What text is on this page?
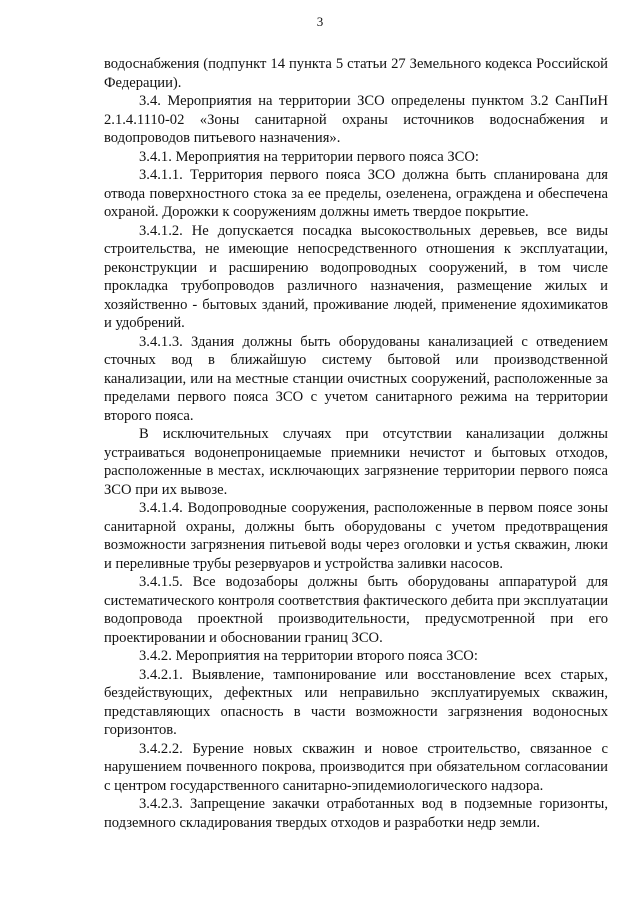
3

водоснабжения (подпункт 14 пункта 5 статьи 27 Земельного кодекса Российской Федерации).

3.4. Мероприятия на территории ЗСО определены пунктом 3.2 СанПиН 2.1.4.1110-02 «Зоны санитарной охраны источников водоснабжения и водопроводов питьевого назначения».

3.4.1. Мероприятия на территории первого пояса ЗСО:

3.4.1.1. Территория первого пояса ЗСО должна быть спланирована для отвода поверхностного стока за ее пределы, озеленена, ограждена и обеспечена охраной. Дорожки к сооружениям должны иметь твердое покрытие.

3.4.1.2. Не допускается посадка высокоствольных деревьев, все виды строительства, не имеющие непосредственного отношения к эксплуатации, реконструкции и расширению водопроводных сооружений, в том числе прокладка трубопроводов различного назначения, размещение жилых и хозяйственно - бытовых зданий, проживание людей, применение ядохимикатов и удобрений.

3.4.1.3. Здания должны быть оборудованы канализацией с отведением сточных вод в ближайшую систему бытовой или производственной канализации, или на местные станции очистных сооружений, расположенные за пределами первого пояса ЗСО с учетом санитарного режима на территории второго пояса.

В исключительных случаях при отсутствии канализации должны устраиваться водонепроницаемые приемники нечистот и бытовых отходов, расположенные в местах, исключающих загрязнение территории первого пояса ЗСО при их вывозе.

3.4.1.4. Водопроводные сооружения, расположенные в первом поясе зоны санитарной охраны, должны быть оборудованы с учетом предотвращения возможности загрязнения питьевой воды через оголовки и устья скважин, люки и переливные трубы резервуаров и устройства заливки насосов.

3.4.1.5. Все водозаборы должны быть оборудованы аппаратурой для систематического контроля соответствия фактического дебита при эксплуатации водопровода проектной производительности, предусмотренной при его проектировании и обосновании границ ЗСО.

3.4.2. Мероприятия на территории второго пояса ЗСО:

3.4.2.1. Выявление, тампонирование или восстановление всех старых, бездействующих, дефектных или неправильно эксплуатируемых скважин, представляющих опасность в части возможности загрязнения водоносных горизонтов.

3.4.2.2. Бурение новых скважин и новое строительство, связанное с нарушением почвенного покрова, производится при обязательном согласовании с центром государственного санитарно-эпидемиологического надзора.

3.4.2.3. Запрещение закачки отработанных вод в подземные горизонты, подземного складирования твердых отходов и разработки недр земли.
